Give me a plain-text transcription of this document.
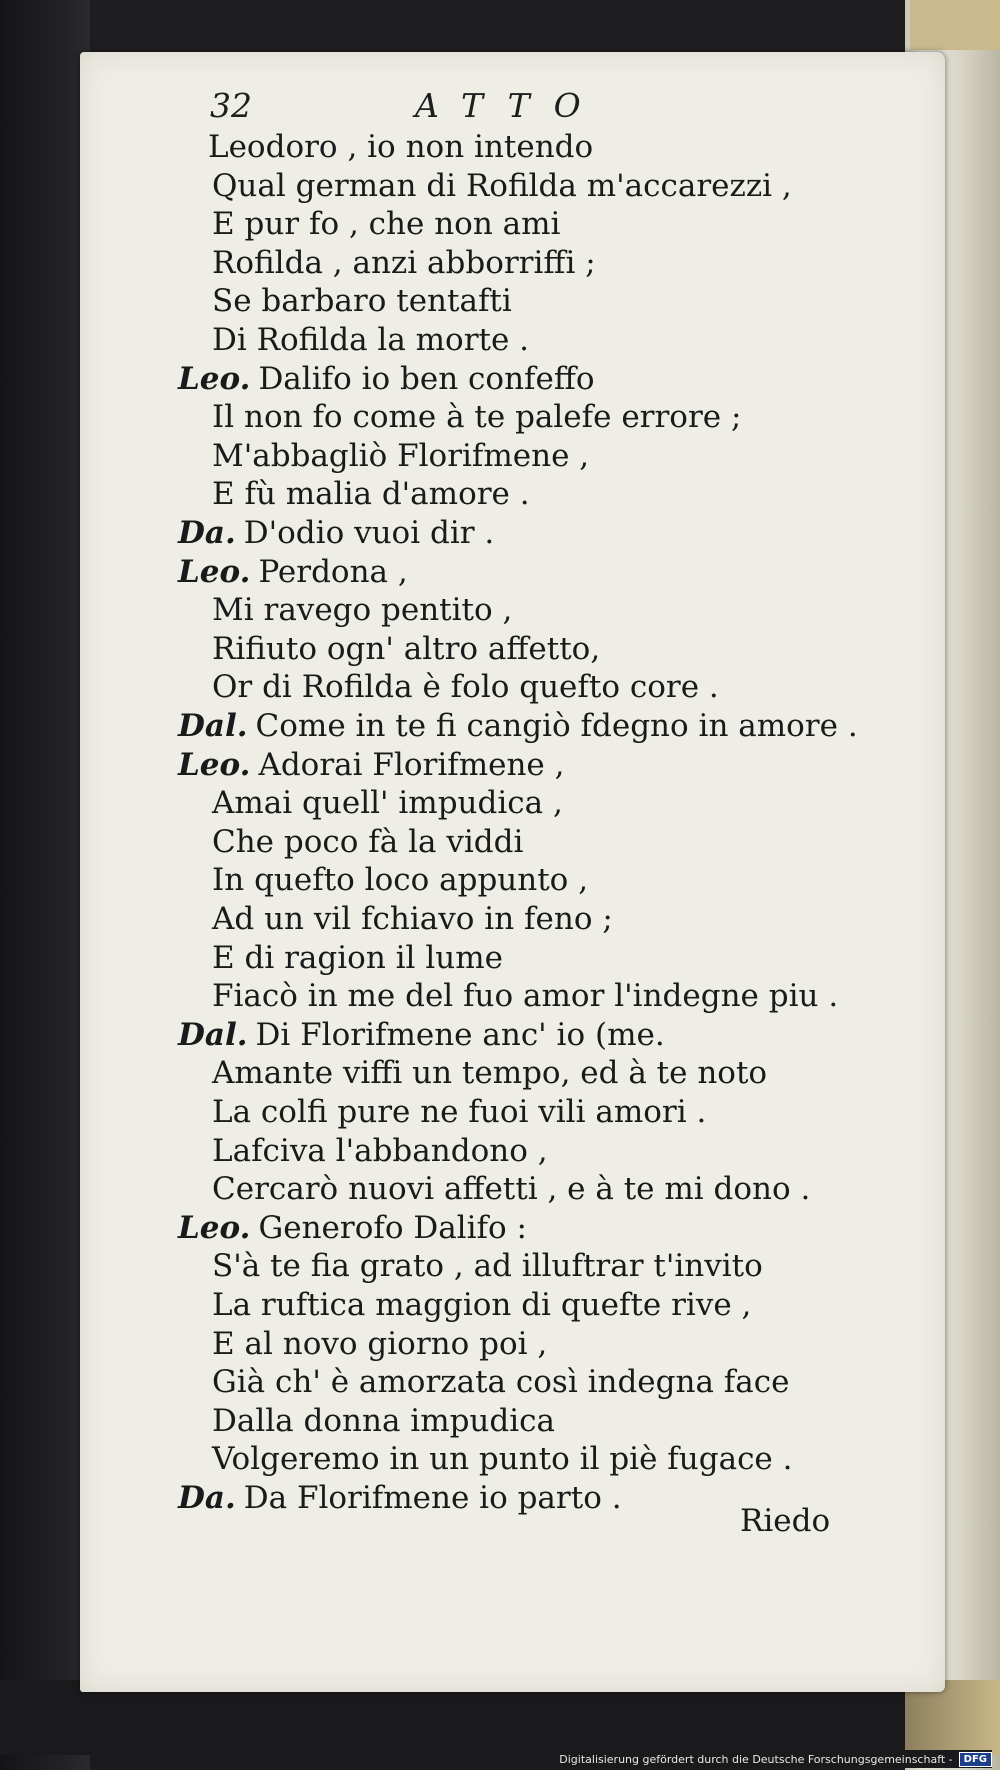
32	ATTO
Leodoro , io non intendo
Qual german di Rofilda m'accarezzi ,
E pur fo , che non ami
Rofilda , anzi abborriffi ;
Se barbaro tentafti
Di Rofilda la morte .
Leo. Dalifo io ben confeffo
Il non fo come à te palefe errore ;
M'abbagliò Florifmene ,
E fù malia d'amore .
Da. D'odio vuoi dir .
Leo. Perdona ,
Mi ravego pentito ,
Rifiuto ogn' altro affetto,
Or di Rofilda è folo quefto core .
Dal. Come in te fi cangiò fdegno in amore .
Leo. Adorai Florifmene ,
Amai quell' impudica ,
Che poco fà la viddi
In quefto loco appunto ,
Ad un vil fchiavo in feno ;
E di ragion il lume
Fiacò in me del fuo amor l'indegne piu .
Dal. Di Florifmene anc' io (me.
Amante viffi un tempo, ed à te noto
La colfi pure ne fuoi vili amori .
Lafciva l'abbandono ,
Cercarò nuovi affetti , e à te mi dono .
Leo. Generofo Dalifo :
S'à te fia grato , ad illuftrar t'invito
La ruftica maggion di quefte rive ,
E al novo giorno poi ,
Già ch' è amorzata così indegna face
Dalla donna impudica
Volgeremo in un punto il piè fugace .
Da. Da Florifmene io parto .
Riedo
Digitalisierung gefördert durch die Deutsche Forschungsgemeinschaft -	DFG
